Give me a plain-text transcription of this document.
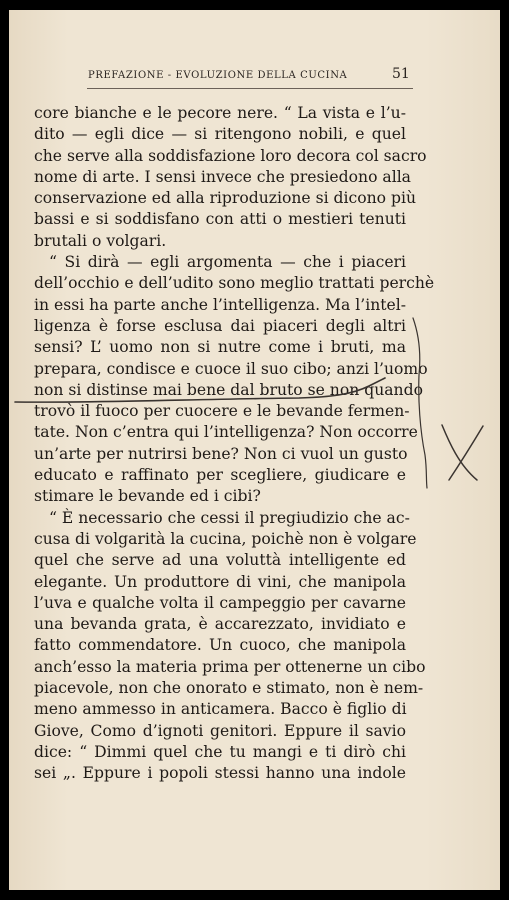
PREFAZIONE - EVOLUZIONE DELLA CUCINA	51
core bianche e le pecore nere. “ La vista e l’u-
dito — egli dice — si ritengono nobili, e quel
che serve alla soddisfazione loro decora col sacro
nome di arte. I sensi invece che presiedono alla
conservazione ed alla riproduzione si dicono più
bassi e si soddisfano con atti o mestieri tenuti
brutali o volgari.
“ Si dirà — egli argomenta — che i piaceri
dell’occhio e dell’udito sono meglio trattati perchè
in essi ha parte anche l’intelligenza. Ma l’intel-
ligenza è forse esclusa dai piaceri degli altri
sensi? L’ uomo non si nutre come i bruti, ma
prepara, condisce e cuoce il suo cibo; anzi l’uomo
non si distinse mai bene dal bruto se non quando
trovò il fuoco per cuocere e le bevande fermen-
tate. Non c’entra qui l’intelligenza? Non occorre
un’arte per nutrirsi bene? Non ci vuol un gusto
educato e raffinato per scegliere, giudicare e
stimare le bevande ed i cibi?
“ È necessario che cessi il pregiudizio che ac-
cusa di volgarità la cucina, poichè non è volgare
quel che serve ad una voluttà intelligente ed
elegante. Un produttore di vini, che manipola
l’uva e qualche volta il campeggio per cavarne
una bevanda grata, è accarezzato, invidiato e
fatto commendatore. Un cuoco, che manipola
anch’esso la materia prima per ottenerne un cibo
piacevole, non che onorato e stimato, non è nem-
meno ammesso in anticamera. Bacco è figlio di
Giove, Como d’ignoti genitori. Eppure il savio
dice: “ Dimmi quel che tu mangi e ti dirò chi
sei „. Eppure i popoli stessi hanno una indole
